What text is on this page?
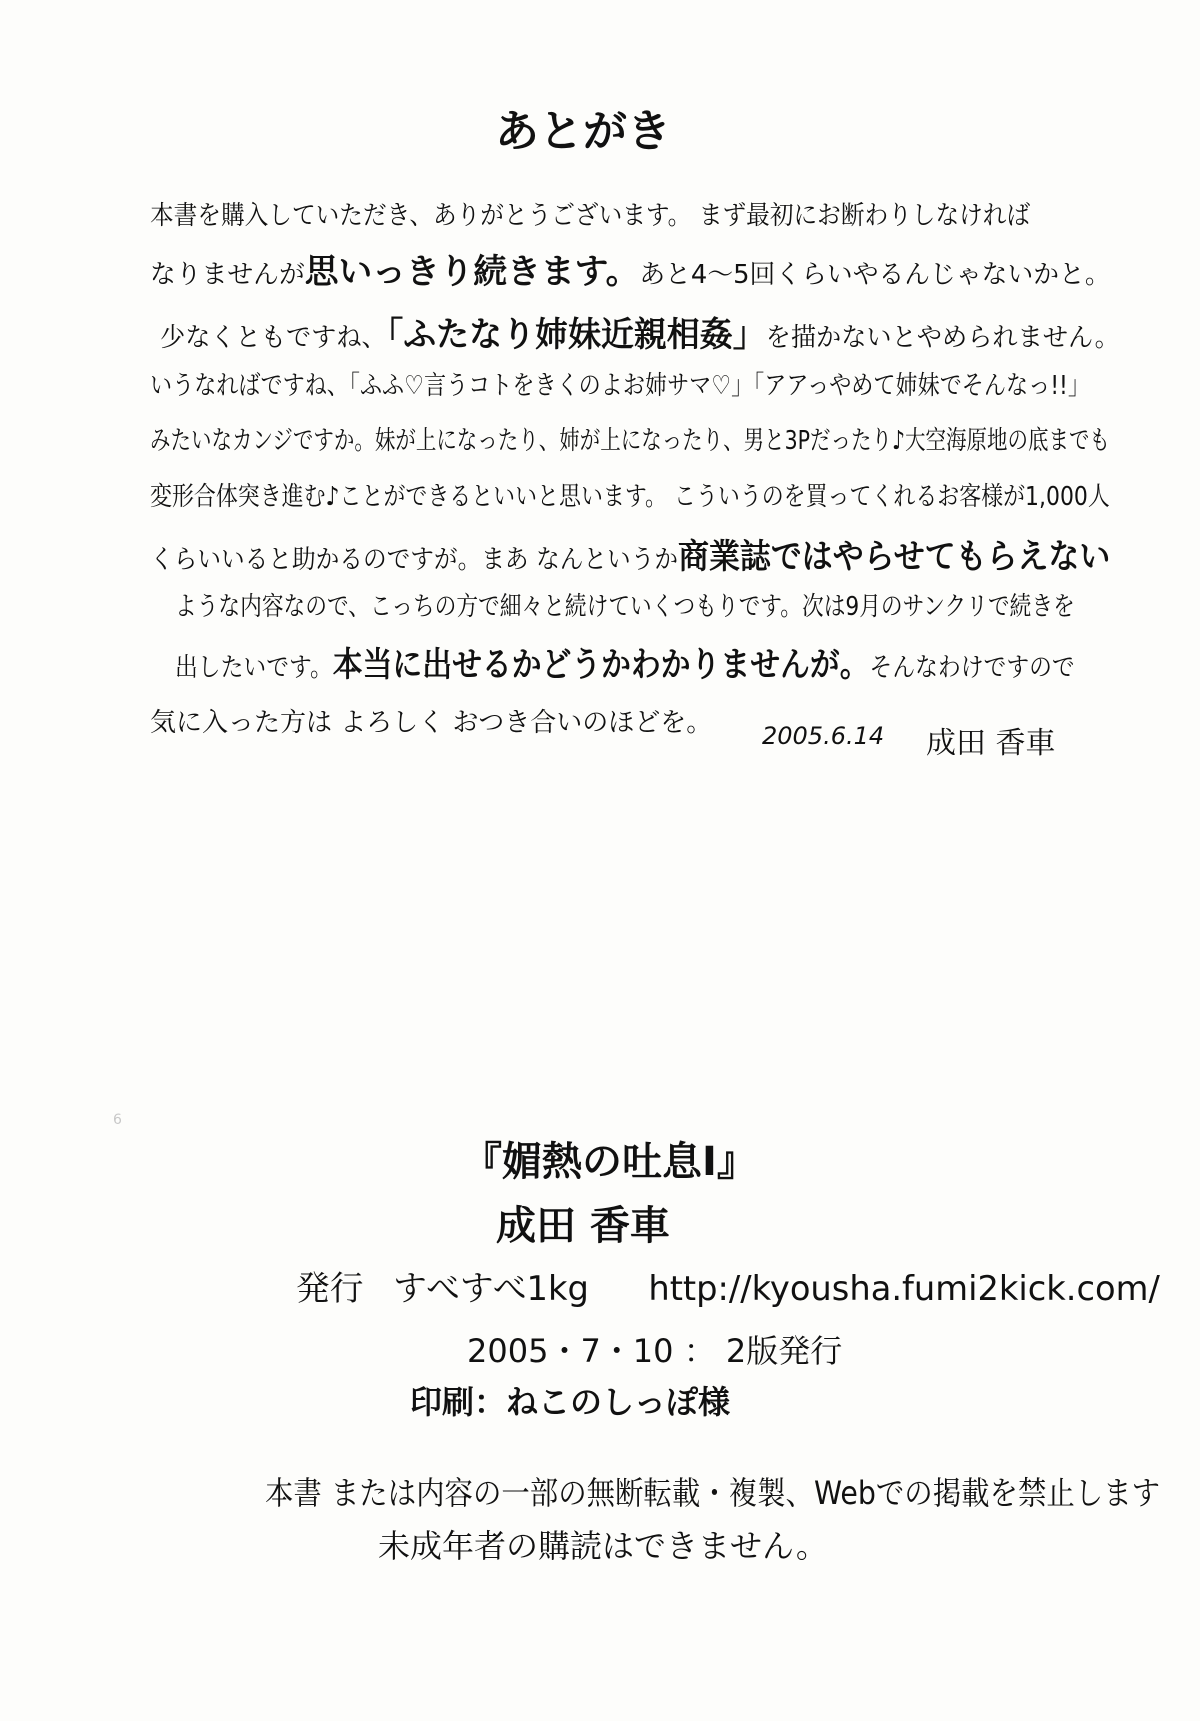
あとがき
本書を購入していただき、ありがとうございます。 まず最初にお断わりしなければ
なりませんが思いっきり続きます。あと4～5回くらいやるんじゃないかと。
少なくともですね、「ふたなり姉妹近親相姦」を描かないとやめられません。
いうなればですね、「ふふ♡言うコトをきくのよお姉サマ♡」「アアっやめて姉妹でそんなっ!!」
みたいなカンジですか。妹が上になったり、姉が上になったり、男と3Pだったり♪大空海原地の底までも
変形合体突き進む♪ことができるといいと思います。 こういうのを買ってくれるお客様が1,000人
くらいいると助かるのですが。まあ なんというか商業誌ではやらせてもらえない
ような内容なので、こっちの方で細々と続けていくつもりです。次は9月のサンクリで続きを
出したいです。本当に出せるかどうかわかりませんが。そんなわけですので
気に入った方は よろしく おつき合いのほどを。 2005.6.14 成田 香車
6
『媚熱の吐息Ⅰ』
成田 香車
発行 すべすべ1kg http://kyousha.fumi2kick.com/
2005・7・10 ： 2版発行
印刷：ねこのしっぽ様
本書 または内容の一部の無断転載・複製、Webでの掲載を禁止します
未成年者の購読はできません。
